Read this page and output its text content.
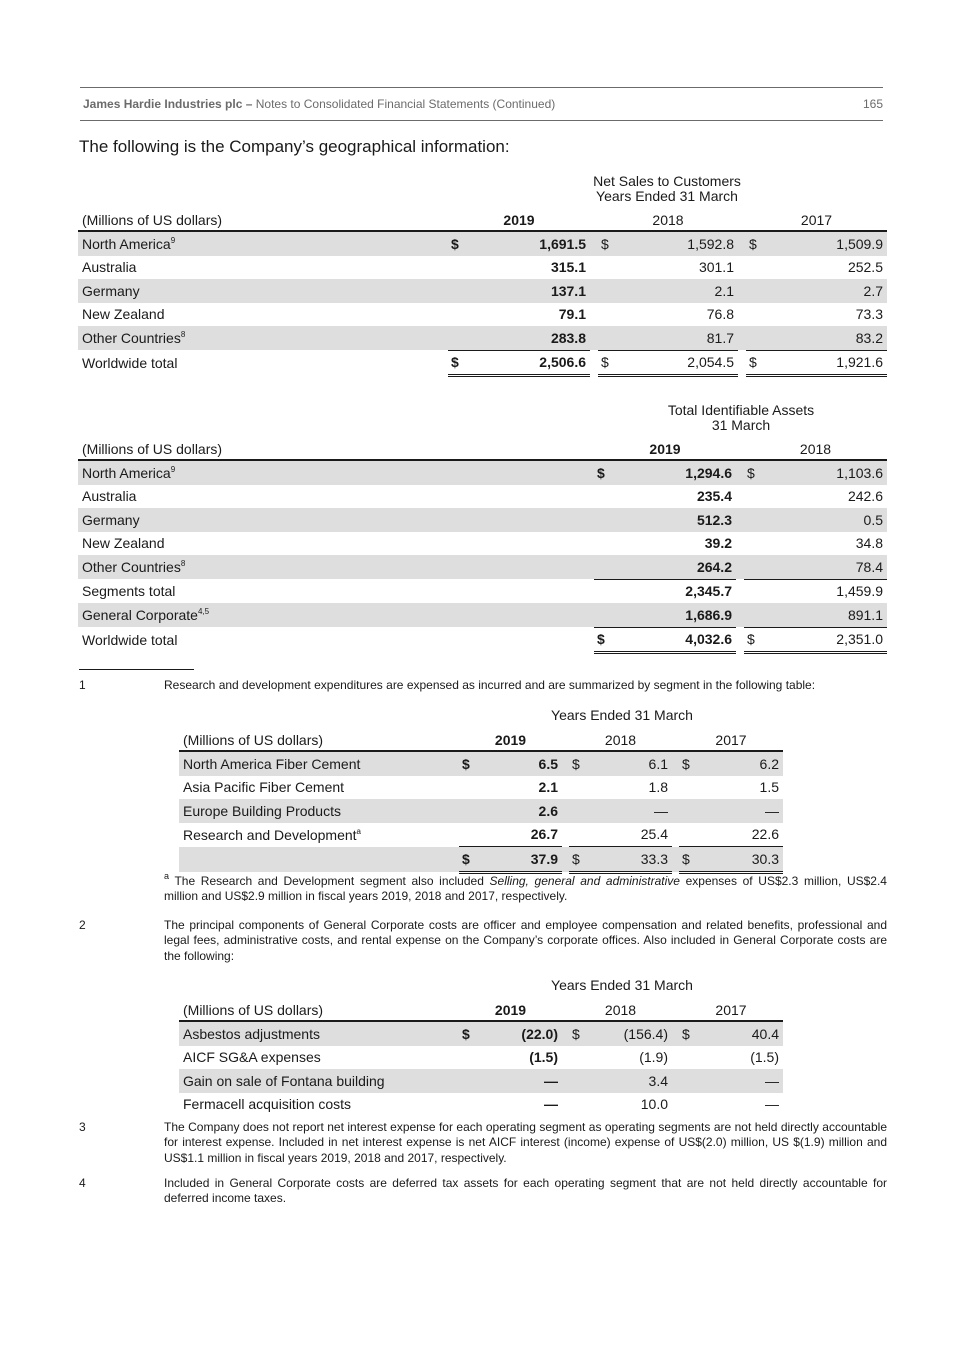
James Hardie Industries plc – Notes to Consolidated Financial Statements (Continued)	165
The following is the Company’s geographical information:
Net Sales to Customers
Years Ended 31 March
(Millions of US dollars)	2019			2018			2017	
North America$^9$	$	1,691.5		$	1,592.8		$	1,509.9
Australia		315.1			301.1			252.5
Germany		137.1			2.1			2.7
New Zealand		79.1			76.8			73.3
Other Countries$^8$		283.8			81.7			83.2
Worldwide total	$	2,506.6		$	2,054.5		$	1,921.6
Total Identifiable Assets
31 March
(Millions of US dollars)	2019			2018	
North America$^9$	$	1,294.6		$	1,103.6
Australia		235.4			242.6
Germany		512.3			0.5
New Zealand		39.2			34.8
Other Countries$^8$		264.2			78.4
Segments total		2,345.7			1,459.9
General Corporate$^{4,5}$		1,686.9			891.1
Worldwide total	$	4,032.6		$	2,351.0
1	Research and development expenditures are expensed as incurred and are summarized by segment in the following table:
Years Ended 31 March
(Millions of US dollars)	2019			2018			2017	
North America Fiber Cement	$	6.5		$	6.1		$	6.2
Asia Pacific Fiber Cement		2.1			1.8			1.5
Europe Building Products		2.6			—			—
Research and Development$^a$		26.7			25.4			22.6
	$	37.9		$	33.3		$	30.3
$^a$ The Research and Development segment also included Selling, general and administrative expenses of US$2.3 million, US$2.4 million and US$2.9 million in fiscal years 2019, 2018 and 2017, respectively.
2	The principal components of General Corporate costs are officer and employee compensation and related benefits, professional and legal fees, administrative costs, and rental expense on the Company’s corporate offices. Also included in General Corporate costs are the following:
Years Ended 31 March
(Millions of US dollars)	2019			2018			2017	
Asbestos adjustments	$	(22.0)		$	(156.4)		$	40.4
AICF SG&A expenses		(1.5)			(1.9)			(1.5)
Gain on sale of Fontana building		—			3.4			—
Fermacell acquisition costs		—			10.0			—
3	The Company does not report net interest expense for each operating segment as operating segments are not held directly accountable for interest expense. Included in net interest expense is net AICF interest (income) expense of US$(2.0) million, US $(1.9) million and US$1.1 million in fiscal years 2019, 2018 and 2017, respectively.
4	Included in General Corporate costs are deferred tax assets for each operating segment that are not held directly accountable for deferred income taxes.
